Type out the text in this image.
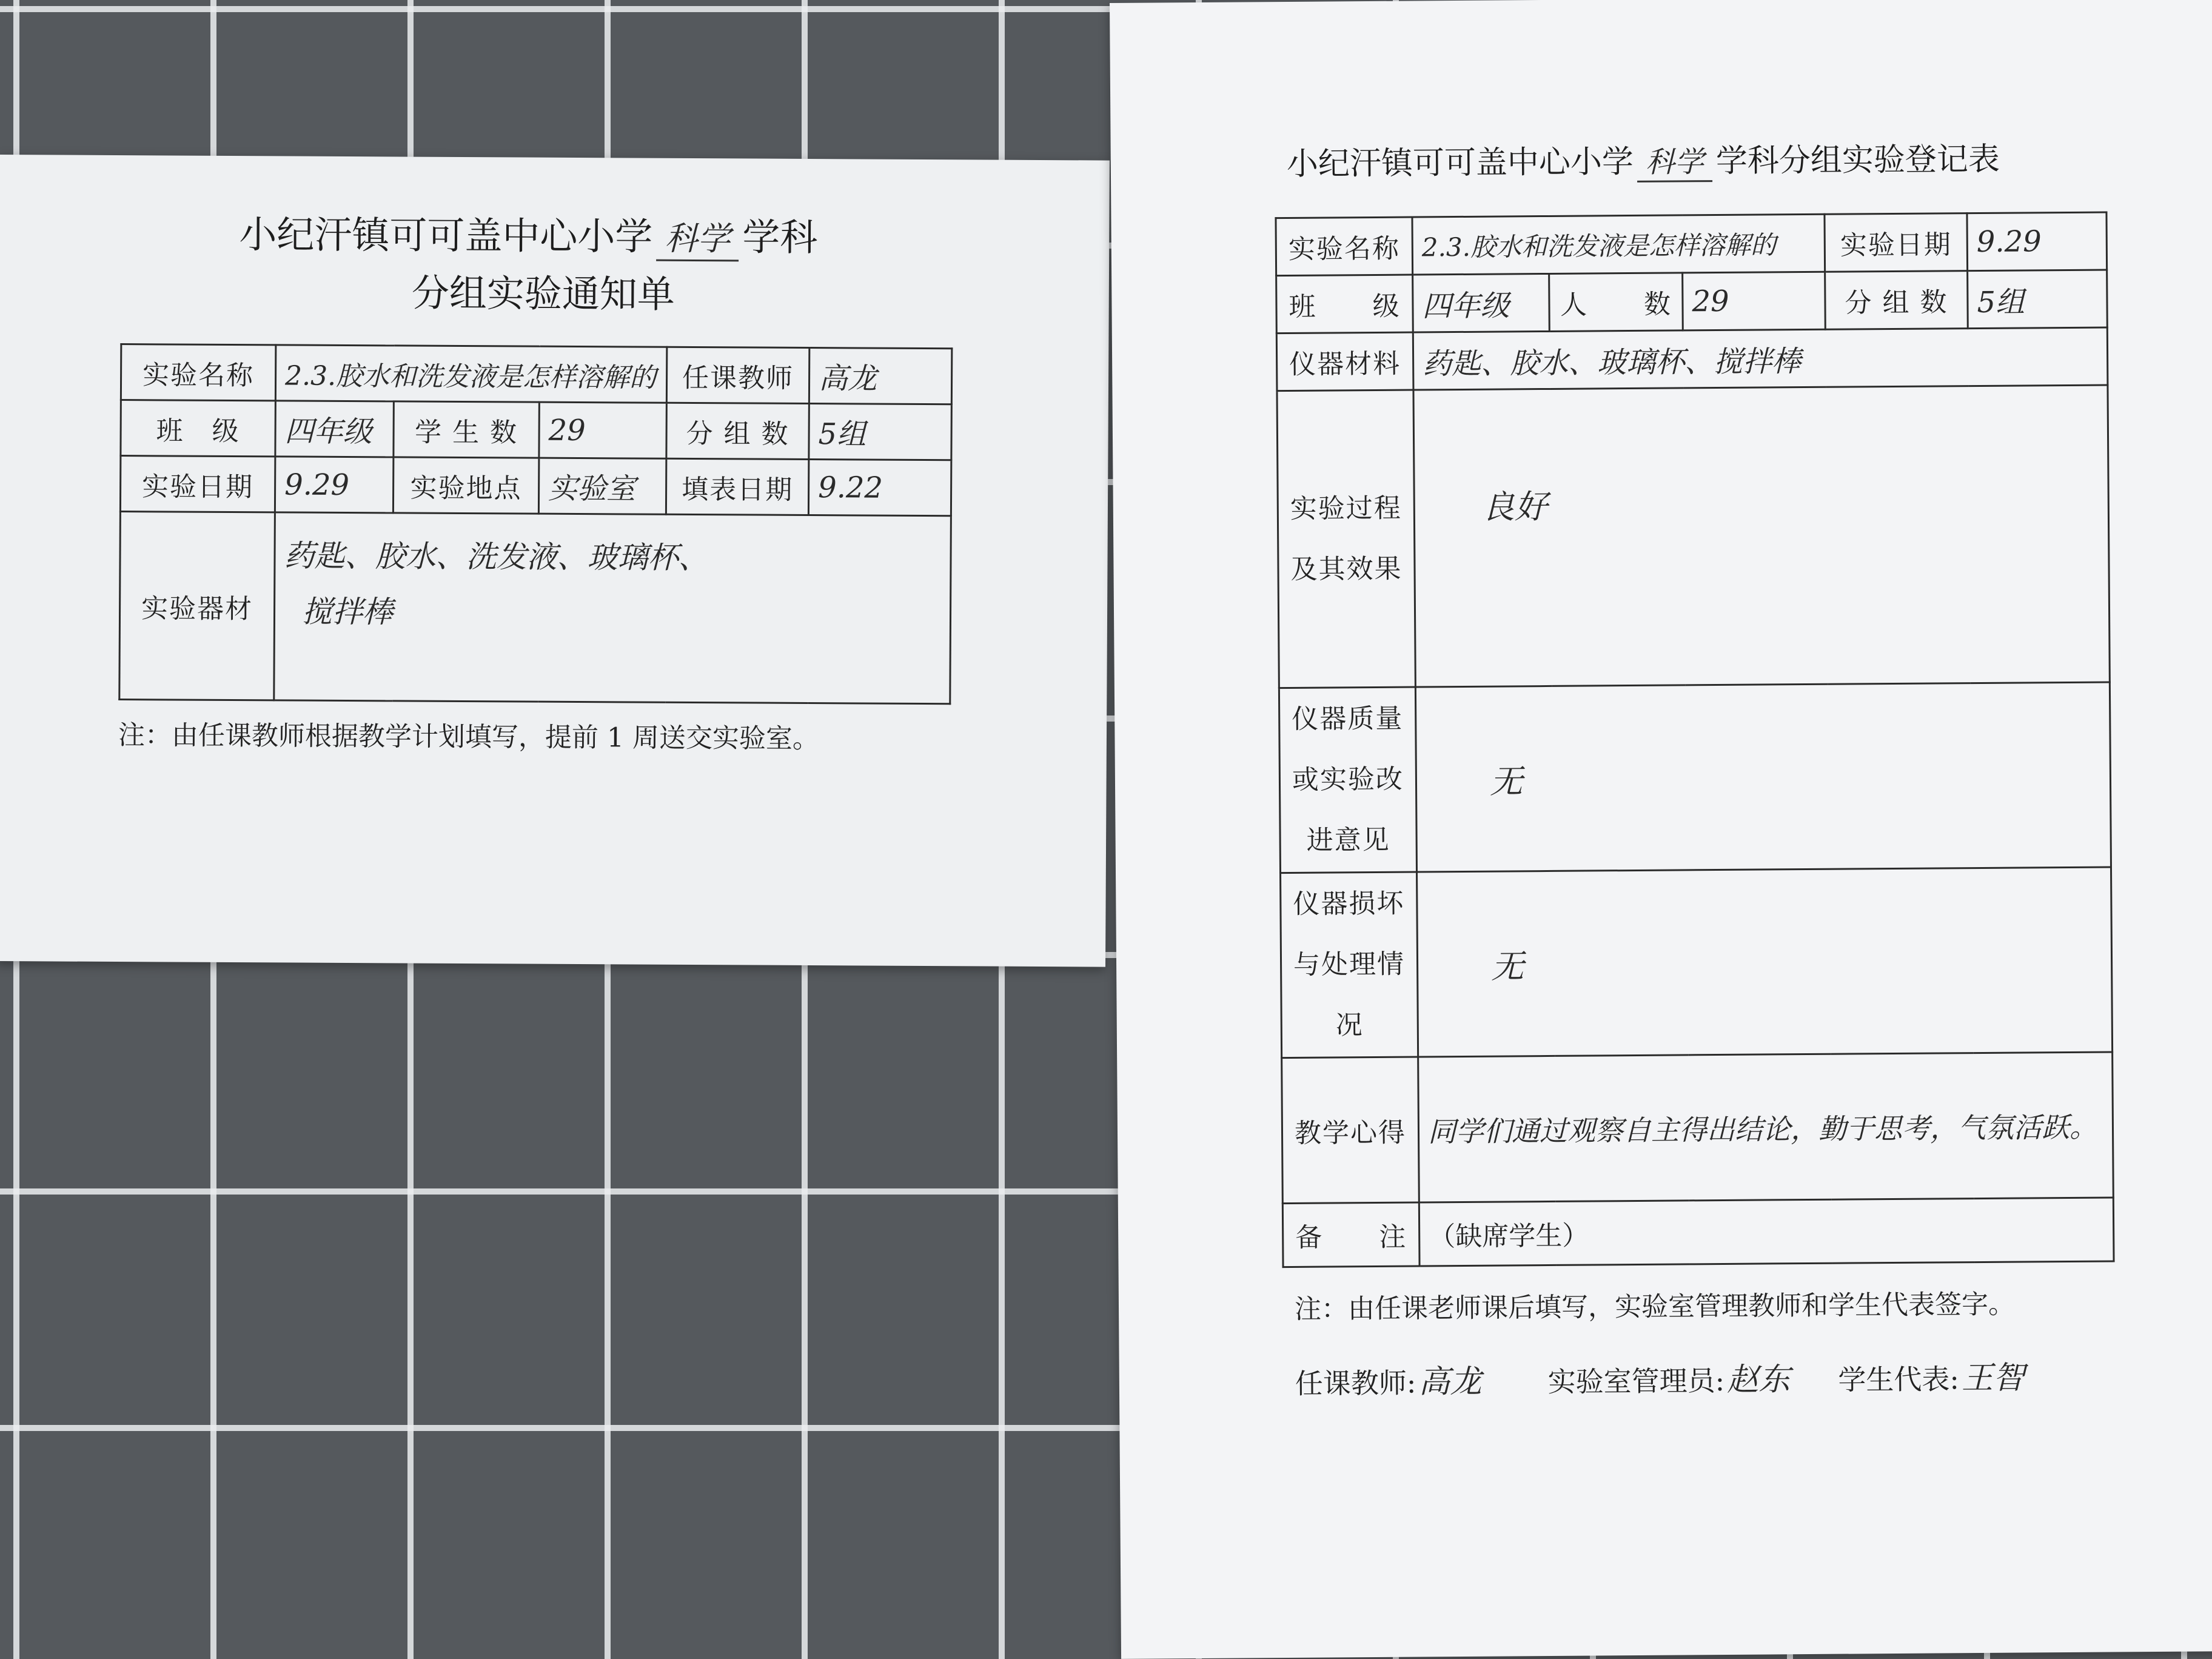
小纪汗镇可可盖中心小学 科学 学科
分组实验通知单
实验名称	2.3.胶水和洗发液是怎样溶解的			任课教师	高龙
班　级	四年级	学 生 数	29	分 组 数	5组
实验日期	9.29	实验地点	实验室	填表日期	9.22
实验器材	药匙、胶水、洗发液、玻璃杯、
搅拌棒				
注：由任课教师根据教学计划填写，提前 1 周送交实验室。
小纪汗镇可可盖中心小学 科学 学科分组实验登记表
实验名称	2.3.胶水和洗发液是怎样溶解的			实验日期	9.29
班　　级	四年级	人　　数	29	分 组 数	5组
仪器材料	药匙、胶水、玻璃杯、搅拌棒				

实验过程及其效果	良好				

仪器质量或实验改进意见	无				

仪器损坏与处理情况	无				
教学心得	同学们通过观察自主得出结论，勤于思考，气氛活跃。				
备　　注	（缺席学生）				
注：由任课老师课后填写，实验室管理教师和学生代表签字。
任课教师:高龙 实验室管理员:赵东 学生代表:王智
